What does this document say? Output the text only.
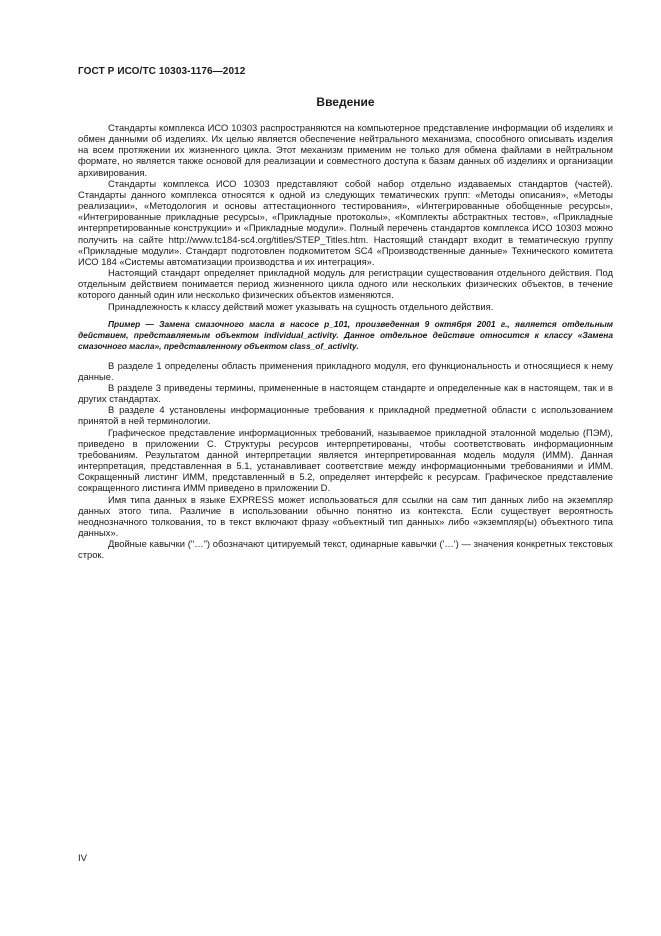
ГОСТ Р ИСО/ТС 10303-1176—2012
Введение

Стандарты комплекса ИСО 10303 распространяются на компьютерное представление информации об изделиях и обмен данными об изделиях. Их целью является обеспечение нейтрального механизма, способного описывать изделия на всем протяжении их жизненного цикла. Этот механизм применим не только для обмена файлами в нейтральном формате, но является также основой для реализации и совместного доступа к базам данных об изделиях и организации архивирования.

Стандарты комплекса ИСО 10303 представляют собой набор отдельно издаваемых стандартов (частей). Стандарты данного комплекса относятся к одной из следующих тематических групп: «Методы описания», «Методы реализации», «Методология и основы аттестационного тестирования», «Интегрированные обобщенные ресурсы», «Интегрированные прикладные ресурсы», «Прикладные протоколы», «Комплекты абстрактных тестов», «Прикладные интерпретированные конструкции» и «Прикладные модули». Полный перечень стандартов комплекса ИСО 10303 можно получить на сайте http://www.tc184-sc4.org/titles/STEP_Titles.htm. Настоящий стандарт входит в тематическую группу «Прикладные модули». Стандарт подготовлен подкомитетом SC4 «Производственные данные» Технического комитета ИСО 184 «Системы автоматизации производства и их интеграция».

Настоящий стандарт определяет прикладной модуль для регистрации существования отдельного действия. Под отдельным действием понимается период жизненного цикла одного или нескольких физических объектов, в течение которого данный один или несколько физических объектов изменяются.

Принадлежность к классу действий может указывать на сущность отдельного действия.

Пример — Замена смазочного масла в насосе p_101, произведенная 9 октября 2001 г., является отдельным действием, представляемым объектом individual_activity. Данное отдельное действие относится к классу «Замена смазочного масла», представленному объектом class_of_activity.

В разделе 1 определены область применения прикладного модуля, его функциональность и относящиеся к нему данные.

В разделе 3 приведены термины, примененные в настоящем стандарте и определенные как в настоящем, так и в других стандартах.

В разделе 4 установлены информационные требования к прикладной предметной области с использованием принятой в ней терминологии.

Графическое представление информационных требований, называемое прикладной эталонной моделью (ПЭМ), приведено в приложении С. Структуры ресурсов интерпретированы, чтобы соответствовать информационным требованиям. Результатом данной интерпретации является интерпретированная модель модуля (ИММ). Данная интерпретация, представленная в 5.1, устанавливает соответствие между информационными требованиями и ИММ. Сокращенный листинг ИММ, представленный в 5.2, определяет интерфейс к ресурсам. Графическое представление сокращенного листинга ИММ приведено в приложении D.

Имя типа данных в языке EXPRESS может использоваться для ссылки на сам тип данных либо на экземпляр данных этого типа. Различие в использовании обычно понятно из контекста. Если существует вероятность неоднозначного толкования, то в текст включают фразу «объектный тип данных» либо «экземпляр(ы) объектного типа данных».

Двойные кавычки ("…") обозначают цитируемый текст, одинарные кавычки ('…') — значения конкретных текстовых строк.

IV
